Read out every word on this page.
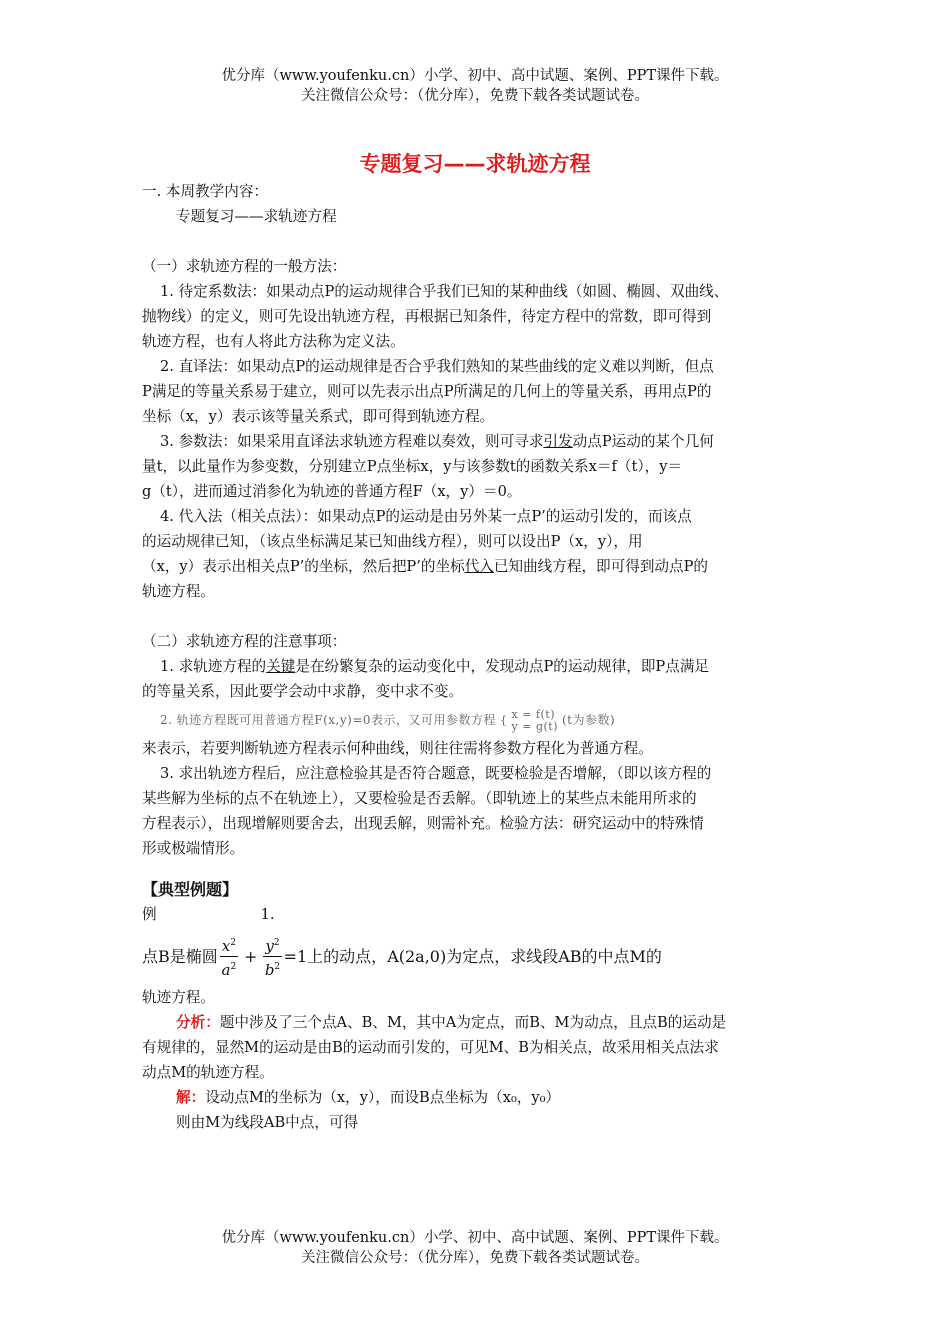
优分库（www.youfenku.cn）小学、初中、高中试题、案例、PPT课件下载。
关注微信公众号：（优分库），免费下载各类试题试卷。
专题复习——求轨迹方程

一. 本周教学内容：

专题复习——求轨迹方程

（一）求轨迹方程的一般方法：

1. 待定系数法：如果动点P的运动规律合乎我们已知的某种曲线（如圆、椭圆、双曲线、

抛物线）的定义，则可先设出轨迹方程，再根据已知条件，待定方程中的常数，即可得到

轨迹方程，也有人将此方法称为定义法。

2. 直译法：如果动点P的运动规律是否合乎我们熟知的某些曲线的定义难以判断，但点

P满足的等量关系易于建立，则可以先表示出点P所满足的几何上的等量关系，再用点P的

坐标（x，y）表示该等量关系式，即可得到轨迹方程。

3. 参数法：如果采用直译法求轨迹方程难以奏效，则可寻求引发动点P运动的某个几何

量t，以此量作为参变数，分别建立P点坐标x，y与该参数t的函数关系x＝f（t），y＝

g（t），进而通过消参化为轨迹的普通方程F（x，y）＝0。

4. 代入法（相关点法）：如果动点P的运动是由另外某一点P’的运动引发的，而该点

的运动规律已知，（该点坐标满足某已知曲线方程），则可以设出P（x，y），用

（x，y）表示出相关点P’的坐标，然后把P’的坐标代入已知曲线方程，即可得到动点P的

轨迹方程。

（二）求轨迹方程的注意事项：

1. 求轨迹方程的关键是在纷繁复杂的运动变化中，发现动点P的运动规律，即P点满足

的等量关系，因此要学会动中求静，变中求不变。

2. 轨迹方程既可用普通方程F(x,y)=0表示，又可用参数方程 { x = f(t)
y = g(t) (t为参数)

来表示，若要判断轨迹方程表示何种曲线，则往往需将参数方程化为普通方程。

3. 求出轨迹方程后，应注意检验其是否符合题意，既要检验是否增解，（即以该方程的

某些解为坐标的点不在轨迹上），又要检验是否丢解。（即轨迹上的某些点未能用所求的

方程表示），出现增解则要舍去，出现丢解，则需补充。检验方法：研究运动中的特殊情

形或极端情形。

【典型例题】

例	1.

点B是椭圆 $\frac{x^2}{a^2} + \frac{y^2}{b^2} =1$上的动点， A(2a,0)为定点，求线段AB的中点M的

轨迹方程。

分析：题中涉及了三个点A、B、M，其中A为定点，而B、M为动点，且点B的运动是

有规律的，显然M的运动是由B的运动而引发的，可见M、B为相关点，故采用相关点法求

动点M的轨迹方程。

解：设动点M的坐标为（x，y），而设B点坐标为（x₀，y₀）

则由M为线段AB中点，可得

优分库（www.youfenku.cn）小学、初中、高中试题、案例、PPT课件下载。
关注微信公众号：（优分库），免费下载各类试题试卷。
